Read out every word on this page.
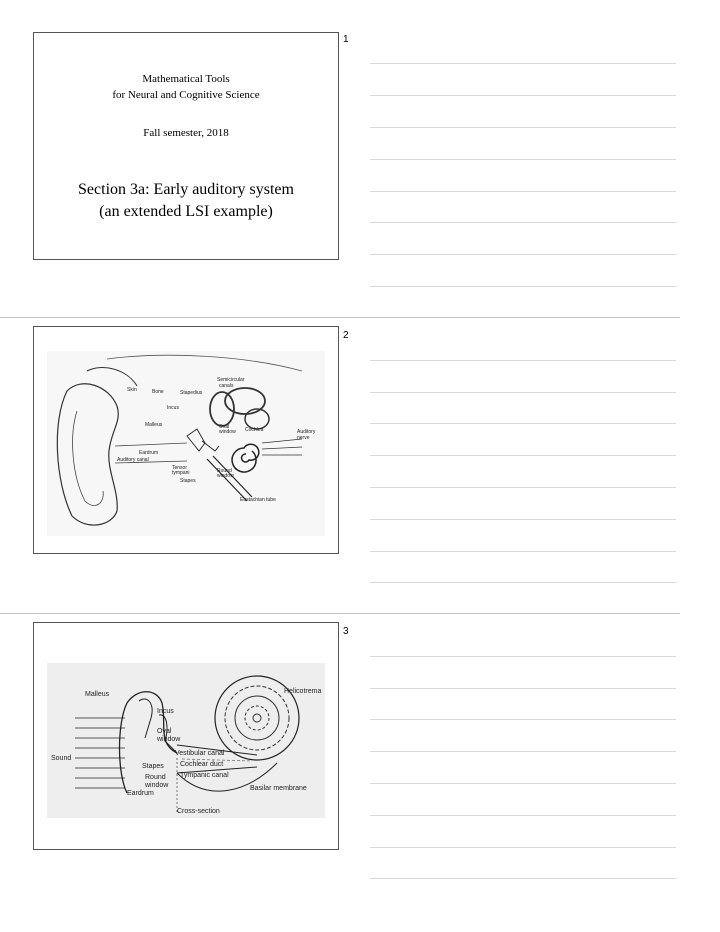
Mathematical Tools
for Neural and Cognitive Science
Fall semester, 2018
Section 3a: Early auditory system
(an extended LSI example)
1
Semicircular
canals
Skin	Bone	Stapedius
Incus
Malleus	Oval
window Cochlea	Auditory
nerve
Eardrum
Auditory canal
Tensor
tympani	Round
window
Stapes
Eustachian tube
2
Helicotrema
Malleus
Incus
Oval
window
Sound
Vestibular canal
Cochlear duct
Stapes
Tympanic canal
Round
window	Basilar membrane
Eardrum
Cross-section
3
